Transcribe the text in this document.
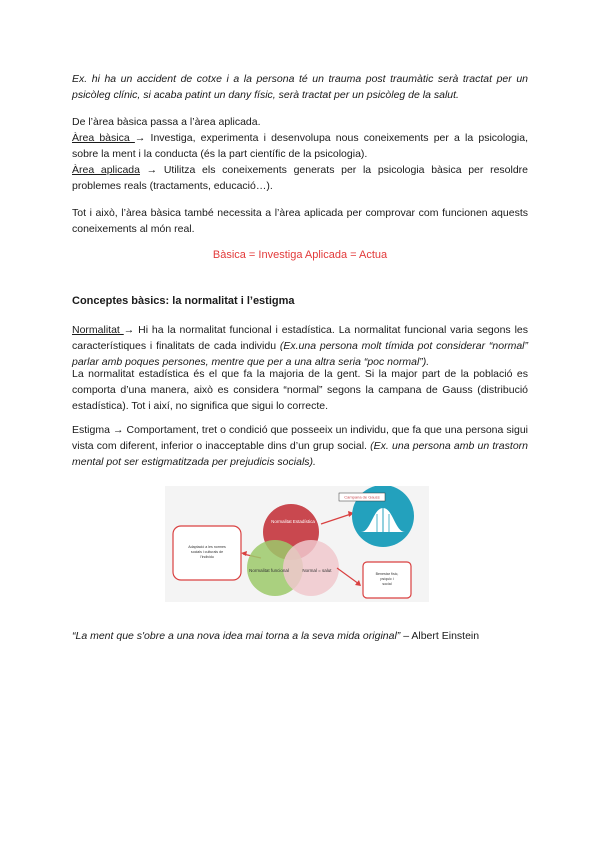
Ex. hi ha un accident de cotxe i a la persona té un trauma post traumàtic serà tractat per un psicòleg clínic, si acaba patint un dany físic, serà tractat per un psicòleg de la salut.

De l’àrea bàsica passa a l’àrea aplicada.

Àrea bàsica → Investiga, experimenta i desenvolupa nous coneixements per a la psicologia, sobre la ment i la conducta (és la part científic de la psicologia).

Àrea aplicada → Utilitza els coneixements generats per la psicologia bàsica per resoldre problemes reals (tractaments, educació…).

Tot i això, l’àrea bàsica també necessita a l’àrea aplicada per comprovar com funcionen aquests coneixements al món real.

Bàsica = Investiga Aplicada = Actua

Conceptes bàsics: la normalitat i l’estigma

Normalitat → Hi ha la normalitat funcional i estadística. La normalitat funcional varia segons les característiques i finalitats de cada individu (Ex.una persona molt tímida pot considerar “normal” parlar amb poques persones, mentre que per a una altra seria “poc normal”).

La normalitat estadística és el que fa la majoria de la gent. Si la major part de la població es comporta d’una manera, això es considera “normal” segons la campana de Gauss (distribució estadística). Tot i així, no significa que sigui lo correcte.

Estigma → Comportament, tret o condició que posseeix un individu, que fa que una persona sigui vista com diferent, inferior o inacceptable dins d’un grup social. (Ex. una persona amb un trastorn mental pot ser estigmatitzada per prejudicis socials).

Adaptació a les normes
socials i culturals de
l’individu
Normalitat Estadística
Normalitat funcional	Normal = salut
Campana de Gauss
Benestar físic,
psíquic i
social

“La ment que s'obre a una nova idea mai torna a la seva mida original” – Albert Einstein
